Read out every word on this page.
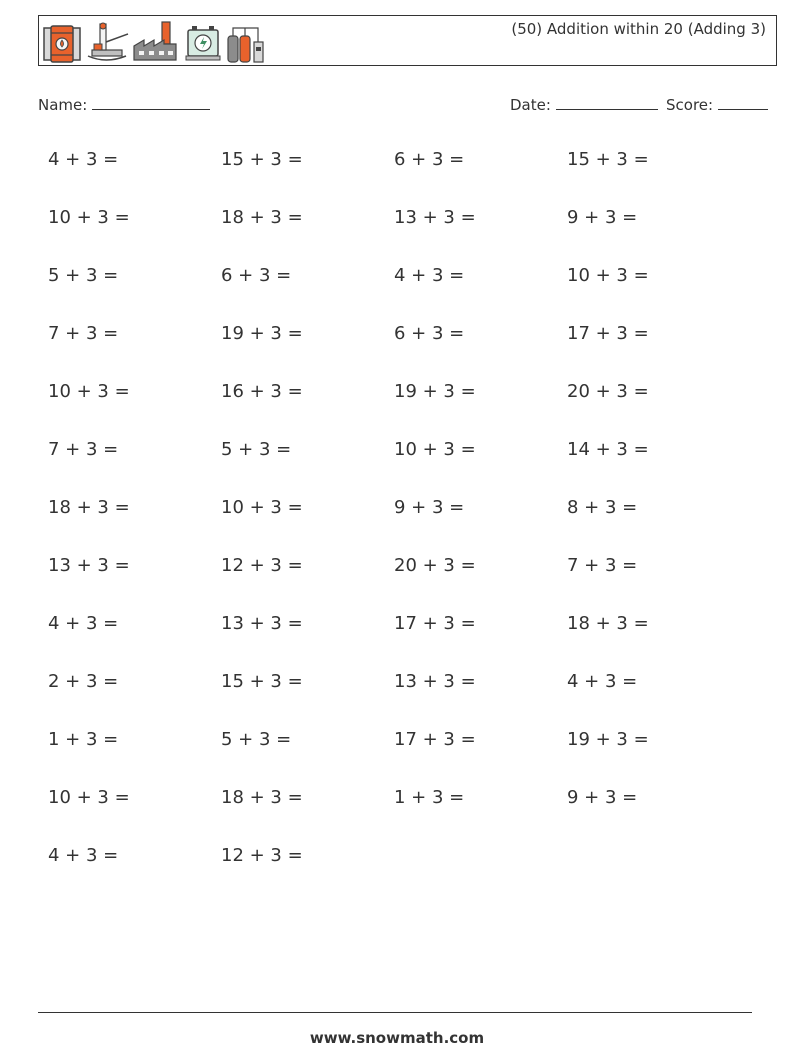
(50) Addition within 20 (Adding 3)
Name:	Date:	Score:
4 + 3 =	15 + 3 =	6 + 3 =	15 + 3 =
10 + 3 =	18 + 3 =	13 + 3 =	9 + 3 =
5 + 3 =	6 + 3 =	4 + 3 =	10 + 3 =
7 + 3 =	19 + 3 =	6 + 3 =	17 + 3 =
10 + 3 =	16 + 3 =	19 + 3 =	20 + 3 =
7 + 3 =	5 + 3 =	10 + 3 =	14 + 3 =
18 + 3 =	10 + 3 =	9 + 3 =	8 + 3 =
13 + 3 =	12 + 3 =	20 + 3 =	7 + 3 =
4 + 3 =	13 + 3 =	17 + 3 =	18 + 3 =
2 + 3 =	15 + 3 =	13 + 3 =	4 + 3 =
1 + 3 =	5 + 3 =	17 + 3 =	19 + 3 =
10 + 3 =	18 + 3 =	1 + 3 =	9 + 3 =
4 + 3 =	12 + 3 =
www.snowmath.com
